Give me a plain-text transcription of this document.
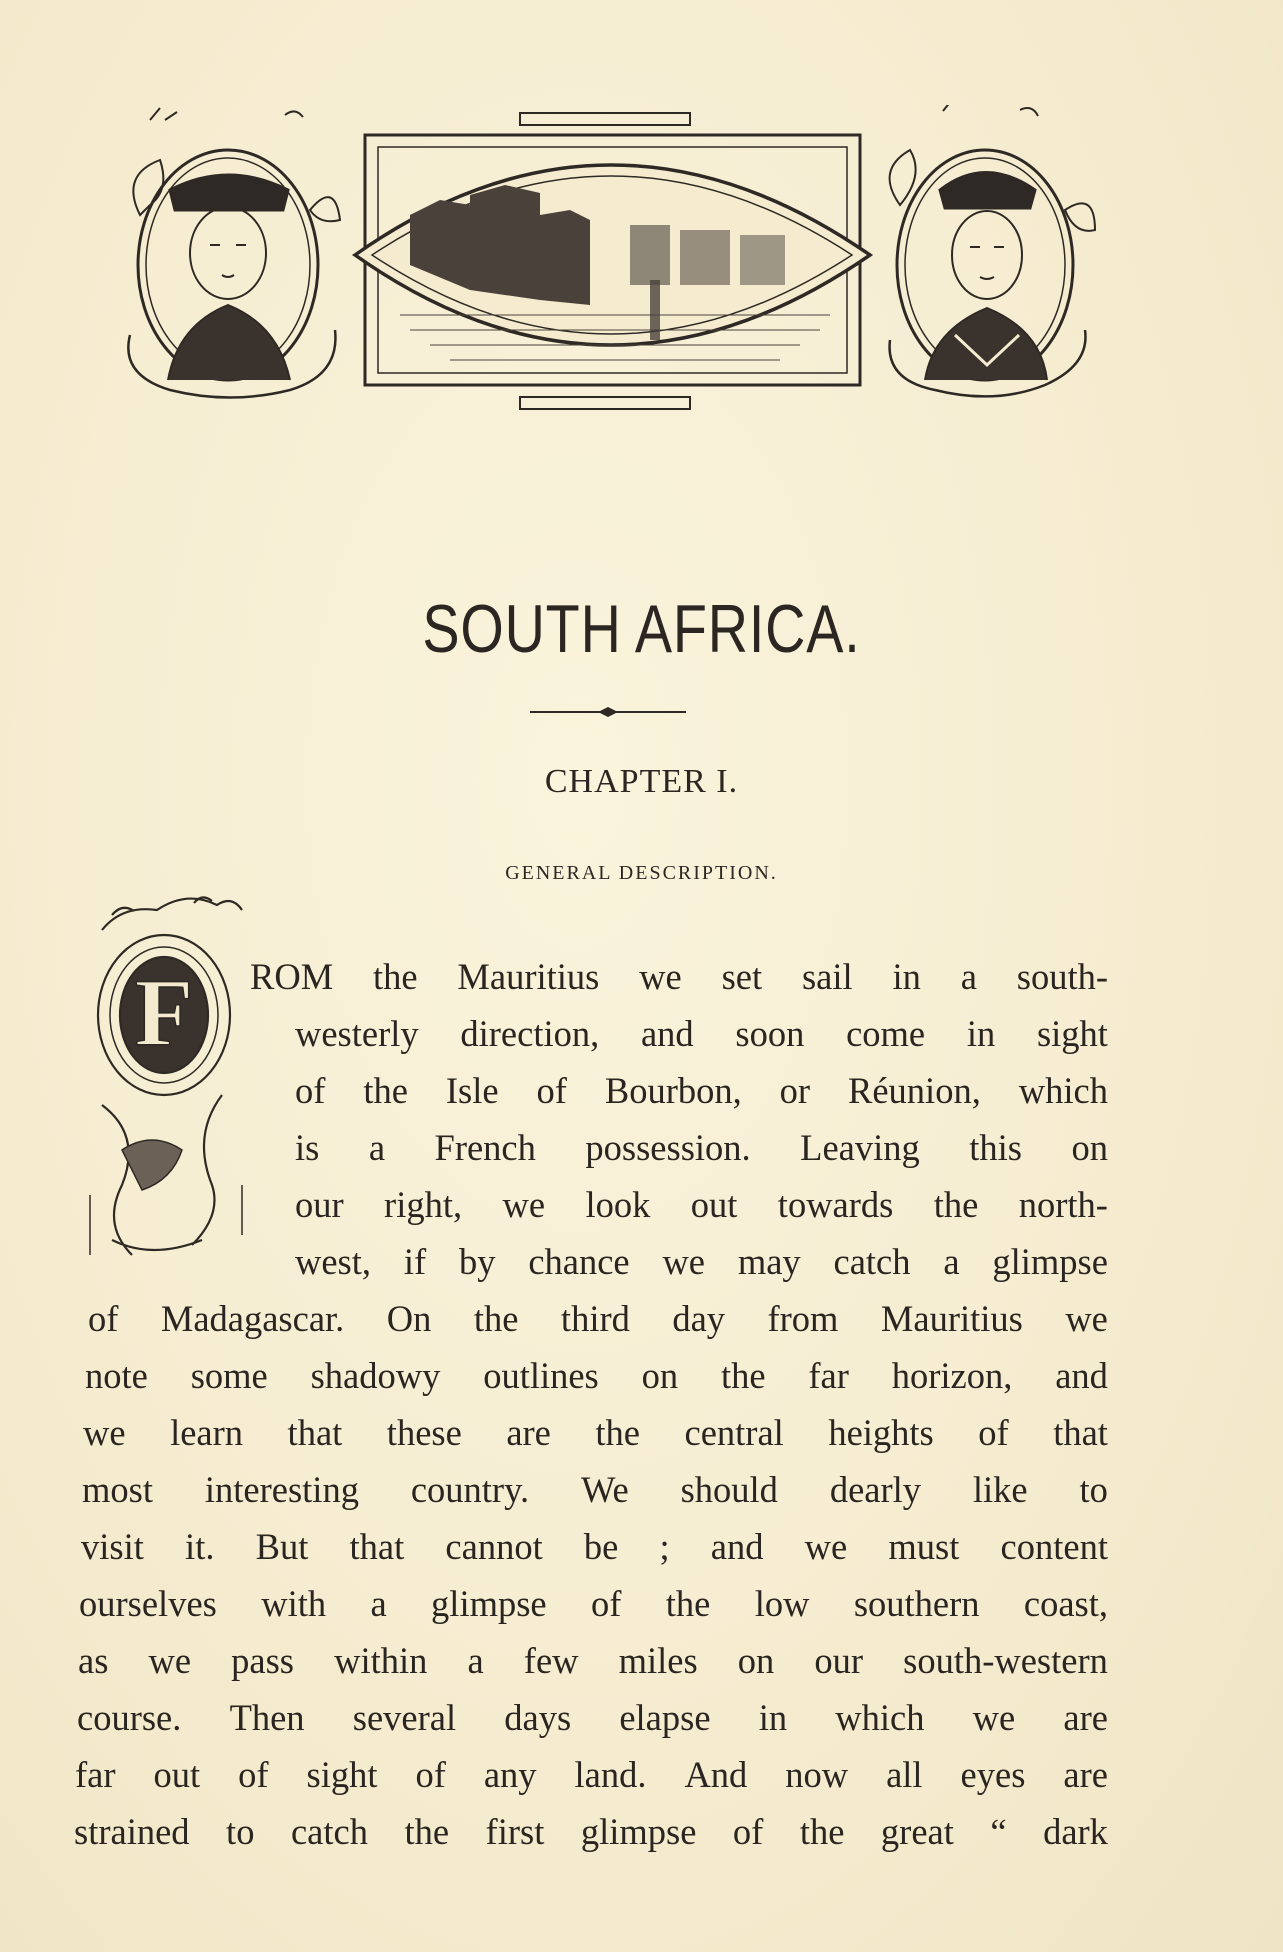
SOUTH AFRICA.
CHAPTER I.
GENERAL DESCRIPTION.
F ROM the Mauritius we set sail in a south-
westerly direction, and soon come in sight
of the Isle of Bourbon, or Réunion, which
is a French possession. Leaving this on
our right, we look out towards the north-
west, if by chance we may catch a glimpse
of Madagascar. On the third day from Mauritius we
note some shadowy outlines on the far horizon, and
we learn that these are the central heights of that
most interesting country. We should dearly like to
visit it. But that cannot be ; and we must content
ourselves with a glimpse of the low southern coast,
as we pass within a few miles on our south-western
course. Then several days elapse in which we are
far out of sight of any land. And now all eyes are
strained to catch the first glimpse of the great “ dark
